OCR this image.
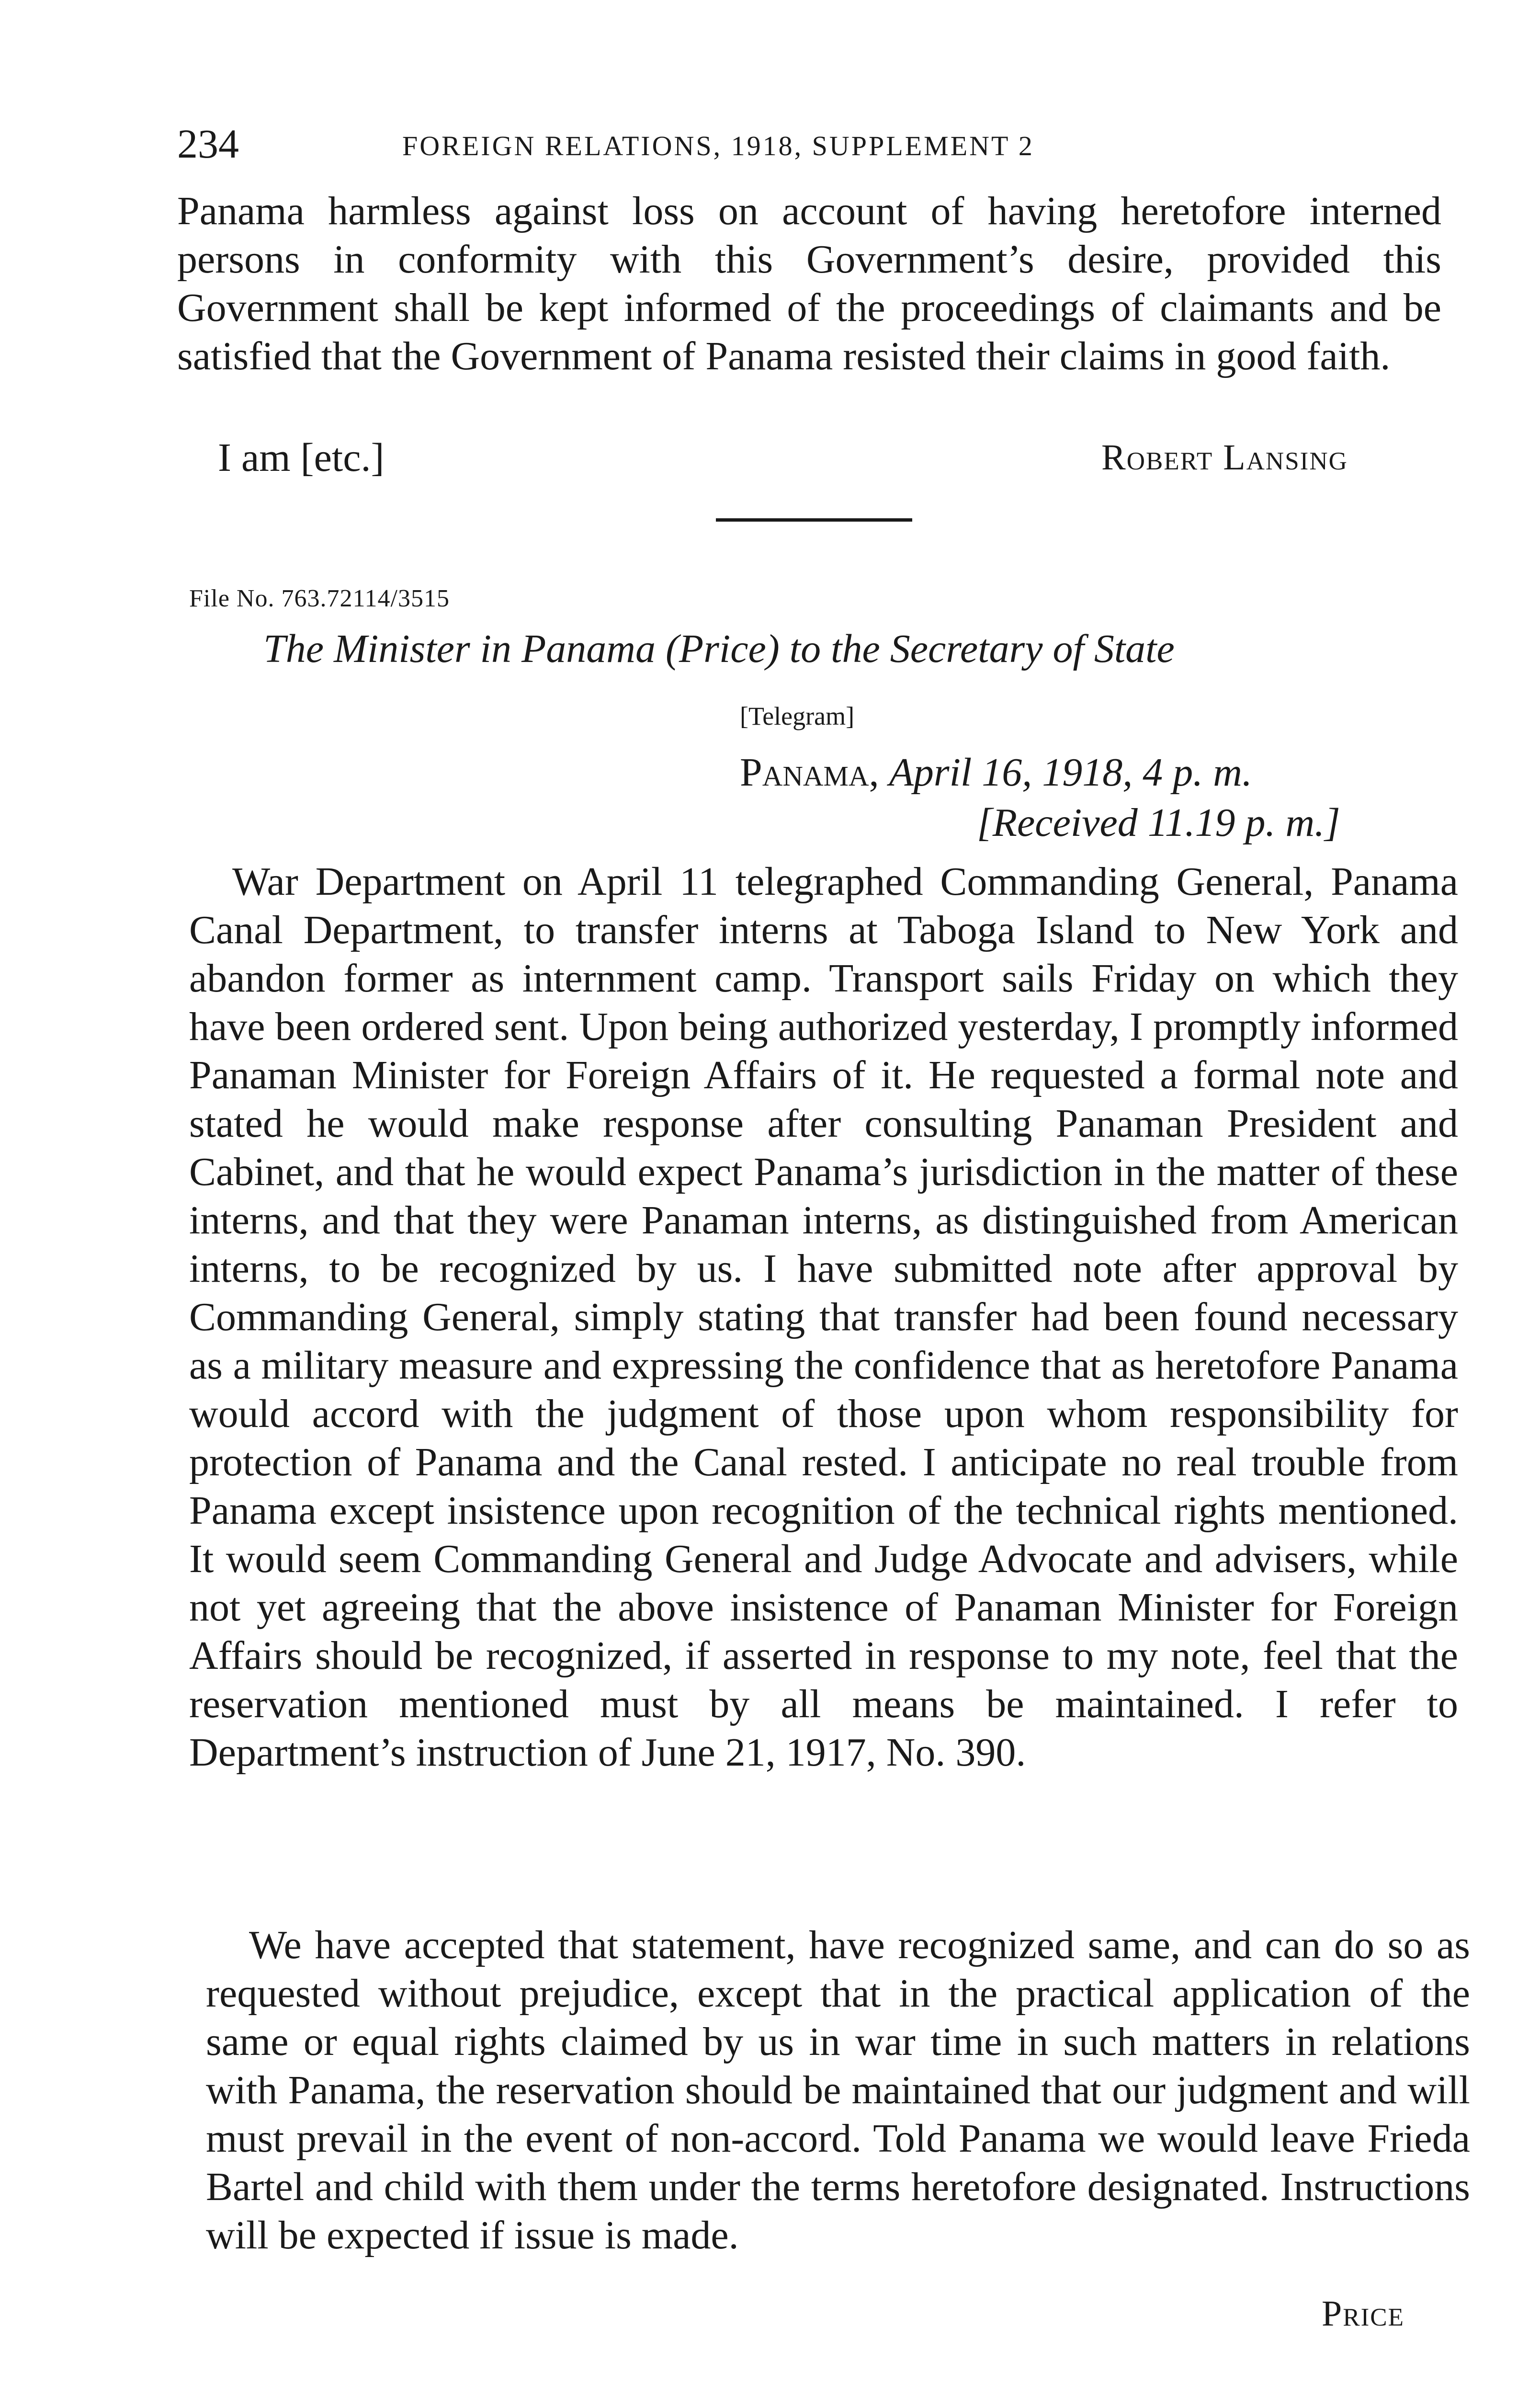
234	FOREIGN RELATIONS, 1918, SUPPLEMENT 2

Panama harmless against loss on account of having heretofore interned persons in conformity with this Government’s desire, provided this Government shall be kept informed of the proceedings of claimants and be satisfied that the Government of Panama resisted their claims in good faith.

I am [etc.]	Robert Lansing
File No. 763.72114/3515
The Minister in Panama (Price) to the Secretary of State
[Telegram]
Panama, April 16, 1918, 4 p. m.
[Received 11.19 p. m.]

War Department on April 11 telegraphed Commanding General, Panama Canal Department, to transfer interns at Taboga Island to New York and abandon former as internment camp. Transport sails Friday on which they have been ordered sent. Upon being authorized yesterday, I promptly informed Panaman Minister for Foreign Affairs of it. He requested a formal note and stated he would make response after consulting Panaman President and Cabinet, and that he would expect Panama’s jurisdiction in the matter of these interns, and that they were Panaman interns, as distinguished from American interns, to be recognized by us. I have submitted note after approval by Commanding General, simply stating that transfer had been found necessary as a military measure and expressing the confidence that as heretofore Panama would accord with the judgment of those upon whom responsibility for protection of Panama and the Canal rested. I anticipate no real trouble from Panama except insistence upon recognition of the technical rights mentioned. It would seem Commanding General and Judge Advocate and advisers, while not yet agreeing that the above insistence of Panaman Minister for Foreign Affairs should be recognized, if asserted in response to my note, feel that the reservation mentioned must by all means be maintained. I refer to Department’s instruction of June 21, 1917, No. 390.

We have accepted that statement, have recognized same, and can do so as requested without prejudice, except that in the practical application of the same or equal rights claimed by us in war time in such matters in relations with Panama, the reservation should be maintained that our judgment and will must prevail in the event of non-accord. Told Panama we would leave Frieda Bartel and child with them under the terms heretofore designated. Instructions will be expected if issue is made.

Price
